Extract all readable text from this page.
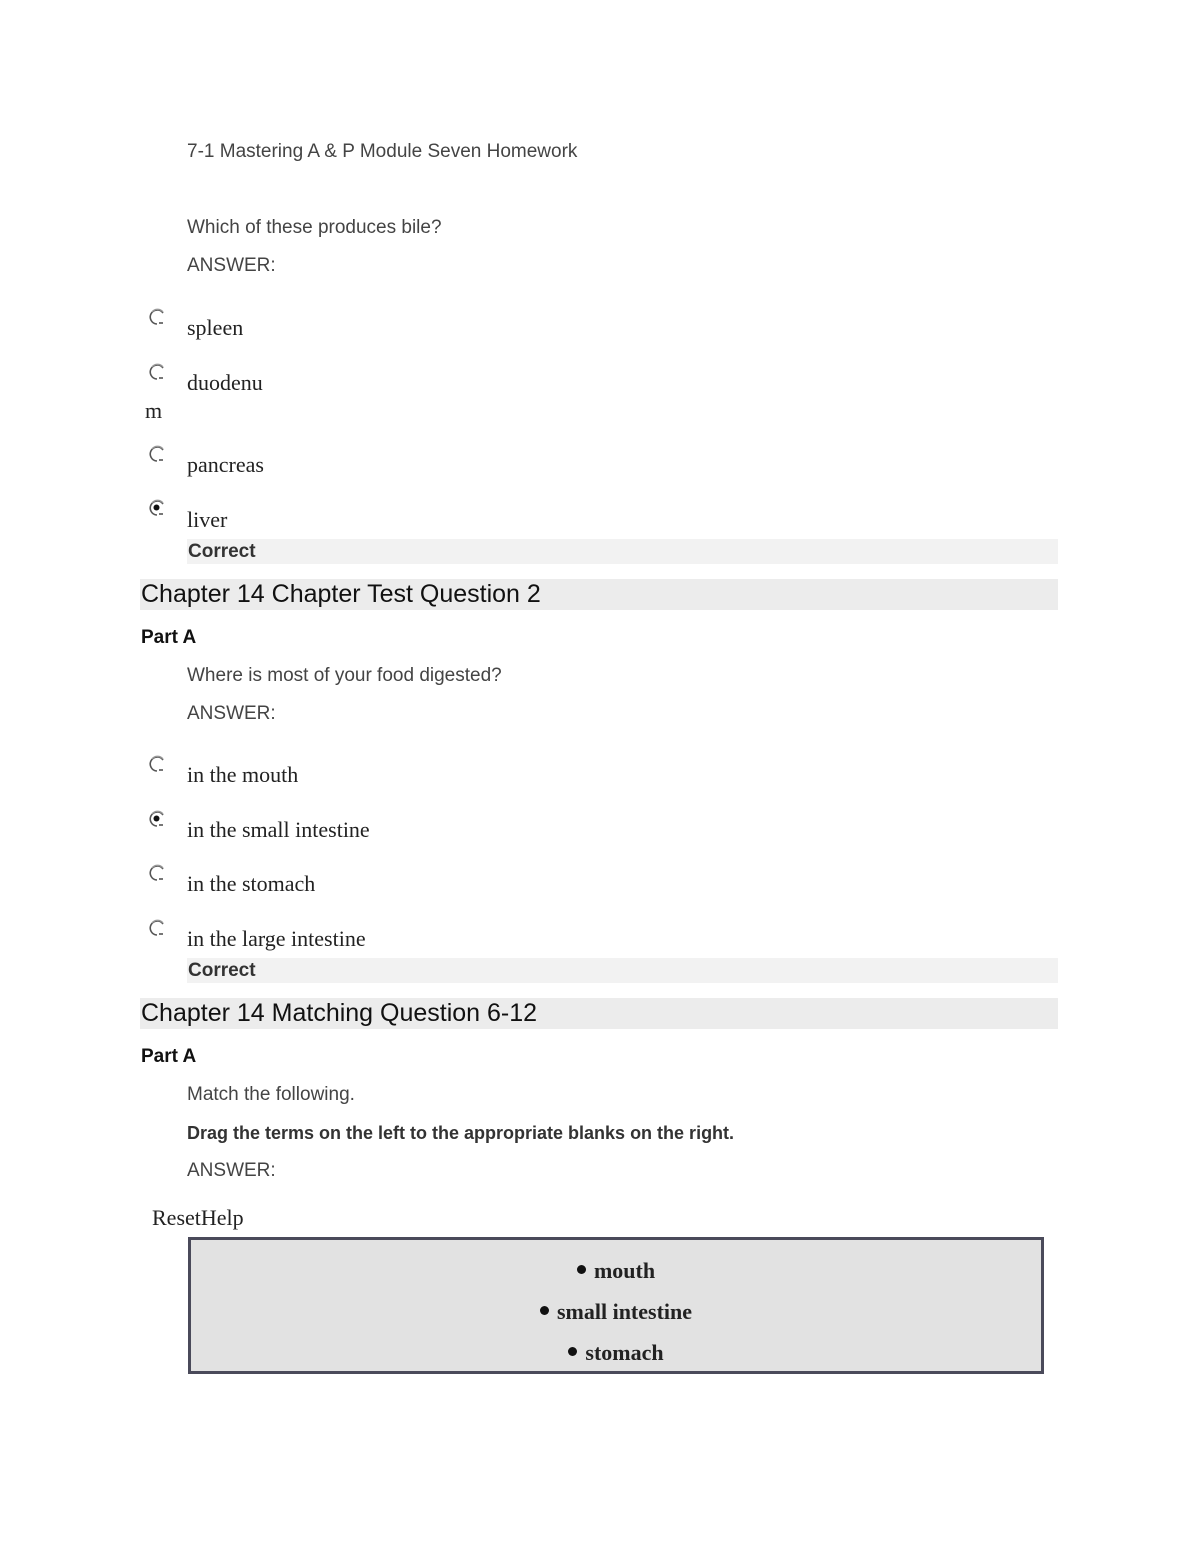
7-1 Mastering A & P Module Seven Homework
Which of these produces bile?
ANSWER:
spleen
duodenu
m
pancreas
liver
Correct
Chapter 14 Chapter Test Question 2
Part A
Where is most of your food digested?
ANSWER:
in the mouth
in the small intestine
in the stomach
in the large intestine
Correct
Chapter 14 Matching Question 6-12
Part A
Match the following.
Drag the terms on the left to the appropriate blanks on the right.
ANSWER:
ResetHelp
mouth
small intestine
stomach
